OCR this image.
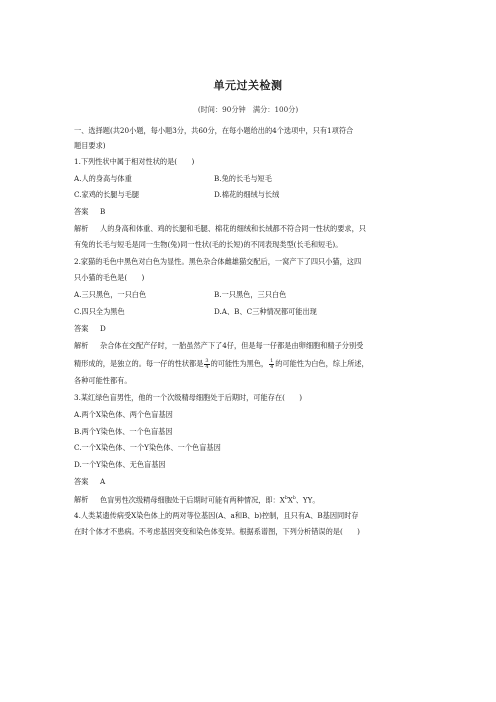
单元过关检测
(时间：90分钟　满分：100分)
一、选择题(共20小题，每小题3分，共60分，在每小题给出的4个选项中，只有1项符合
题目要求)
1.下列性状中属于相对性状的是(　　)
A.人的身高与体重	B.兔的长毛与短毛
C.家鸡的长腿与毛腿	D.棉花的细绒与长绒
答案 B
解析 人的身高和体重、鸡的长腿和毛腿、棉花的细绒和长绒都不符合同一性状的要求，只
有兔的长毛与短毛是同一生物(兔)同一性状(毛的长短)的不同表现类型(长毛和短毛)。
2.家猫的毛色中黑色对白色为显性。黑色杂合体雌雄猫交配后，一窝产下了四只小猫，这四
只小猫的毛色是(　　)
A.三只黑色，一只白色	B.一只黑色，三只白色
C.四只全为黑色	D.A、B、C三种情况都可能出现
答案 D
解析 杂合体在交配产仔时，一胎虽然产下了4仔，但是每一仔都是由卵细胞和精子分别受
精形成的，是独立的。每一仔的性状都是 $\frac{3}{4}$ 的可能性为黑色， $\frac{1}{4}$ 的可能性为白色，综上所述，
各种可能性都有。
3.某红绿色盲男性，他的一个次级精母细胞处于后期时，可能存在(　　)
A.两个X染色体、两个色盲基因
B.两个Y染色体、一个色盲基因
C.一个X染色体、一个Y染色体、一个色盲基因
D.一个Y染色体、无色盲基因
答案 A
解析 色盲男性次级精母细胞处于后期时可能有两种情况，即：$X^bX^b$、YY。
4.人类某遗传病受X染色体上的两对等位基因(A、a和B、b)控制，且只有A、B基因同时存
在时个体才不患病。不考虑基因突变和染色体变异。根据系谱图，下列分析错误的是(　　)
